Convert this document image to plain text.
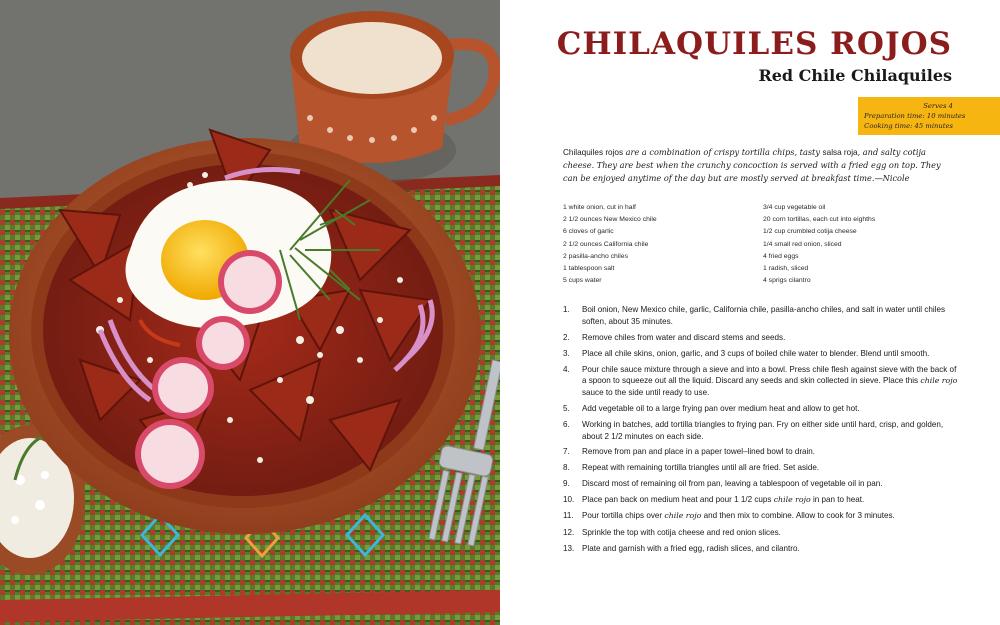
CHILAQUILES ROJOS
Red Chile Chilaquiles
Serves 4
Preparation time: 10 minutes
Cooking time: 45 minutes

Chilaquiles rojos are a combination of crispy tortilla chips, tasty salsa roja, and salty cotija cheese. They are best when the crunchy concoction is served with a fried egg on top. They can be enjoyed anytime of the day but are mostly served at breakfast time.—Nicole

1 white onion, cut in half
2 1/2 ounces New Mexico chile
6 cloves of garlic
2 1/2 ounces California chile
2 pasilla-ancho chiles
1 tablespoon salt
5 cups water
3/4 cup vegetable oil
20 corn tortillas, each cut into eighths
1/2 cup crumbled cotija cheese
1/4 small red onion, sliced
4 fried eggs
1 radish, sliced
4 sprigs cilantro
1.	Boil onion, New Mexico chile, garlic, California chile, pasilla-ancho chiles, and salt in water until chiles soften, about 35 minutes.
2.	Remove chiles from water and discard stems and seeds.
3.	Place all chile skins, onion, garlic, and 3 cups of boiled chile water to blender. Blend until smooth.
4.	Pour chile sauce mixture through a sieve and into a bowl. Press chile flesh against sieve with the back of a spoon to squeeze out all the liquid. Discard any seeds and skin collected in sieve. Place this chile rojo sauce to the side until ready to use.
5.	Add vegetable oil to a large frying pan over medium heat and allow to get hot.
6.	Working in batches, add tortilla triangles to frying pan. Fry on either side until hard, crisp, and golden, about 2 1/2 minutes on each side.
7.	Remove from pan and place in a paper towel–lined bowl to drain.
8.	Repeat with remaining tortilla triangles until all are fried. Set aside.
9.	Discard most of remaining oil from pan, leaving a tablespoon of vegetable oil in pan.
10. Place pan back on medium heat and pour 1 1/2 cups chile rojo in pan to heat.
11.	Pour tortilla chips over chile rojo and then mix to combine. Allow to cook for 3 minutes.
12. Sprinkle the top with cotija cheese and red onion slices.
13. Plate and garnish with a fried egg, radish slices, and cilantro.
